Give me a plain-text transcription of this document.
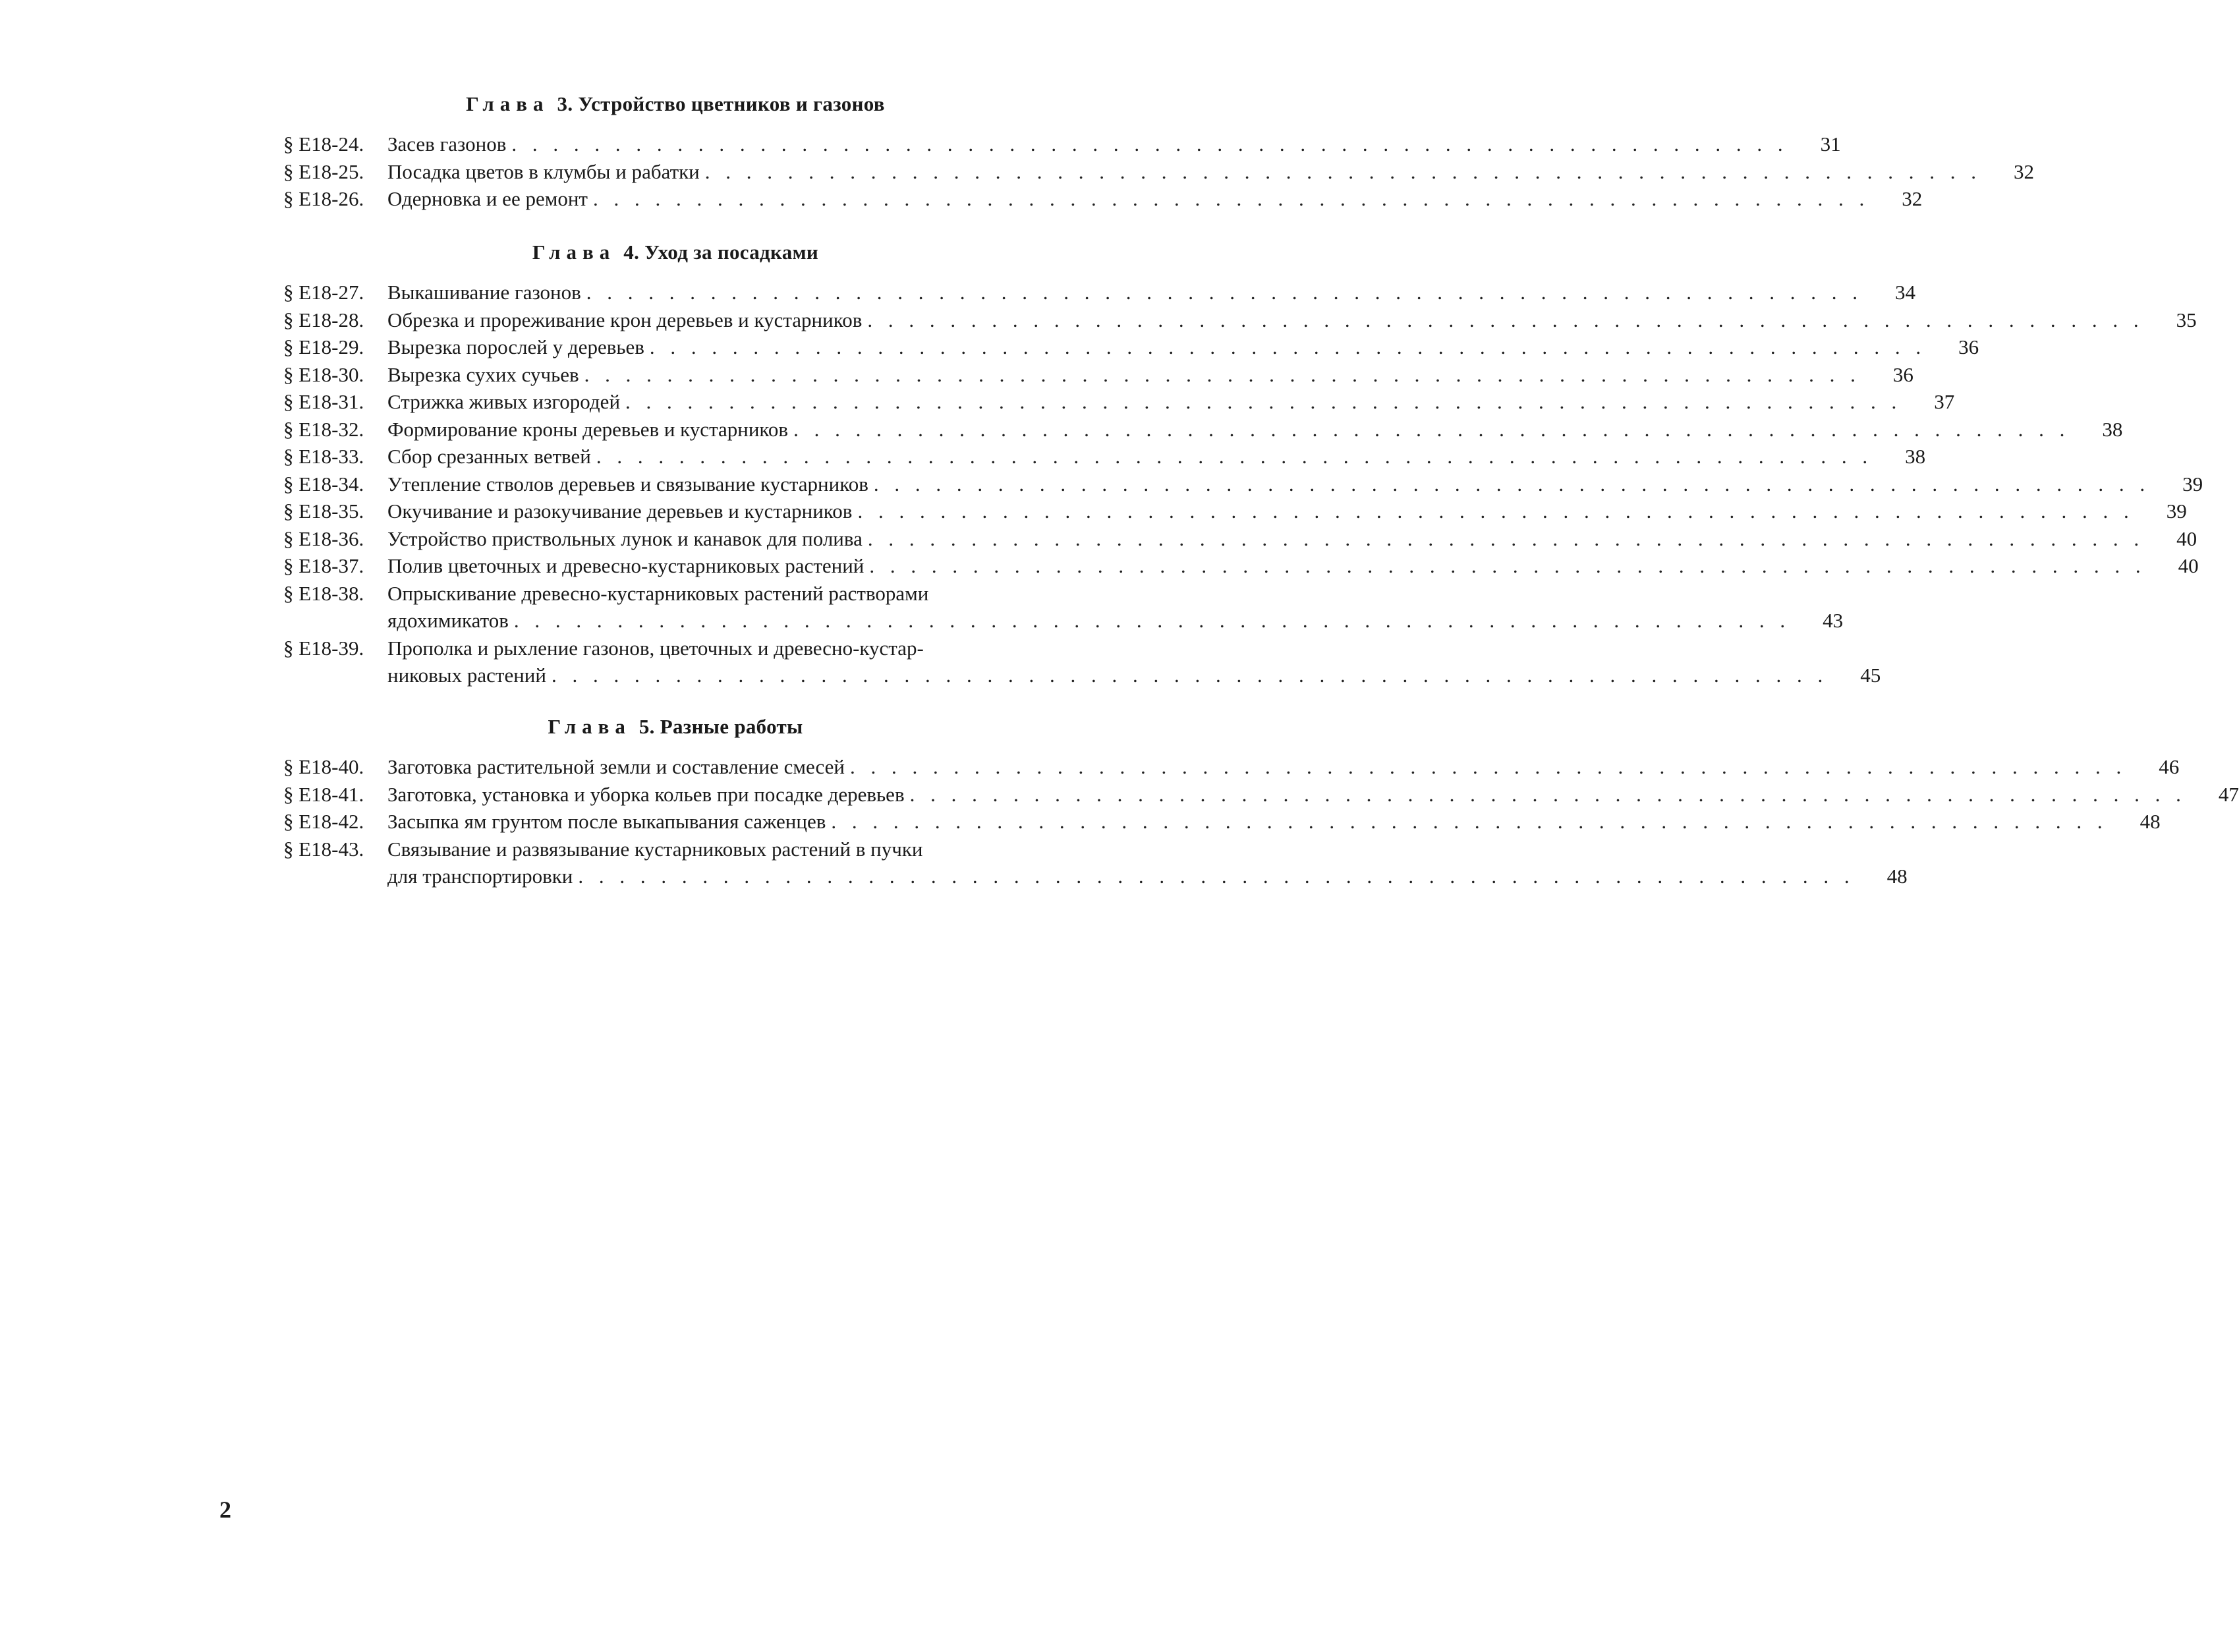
Глава 3. Устройство цветников и газонов
§ Е18-24.	Засев газонов . . . . . . . . . . . . . . . . . . . . . . . . . . . . . . . . . . . . . . . . . . . . . . . . . . . . . . . . . . . . . .	31
§ Е18-25.	Посадка цветов в клумбы и рабатки . . . . . . . . . . . . . . . . . . . . . . . . . . . . . . . . . . . . . . . . . . . . . . . . . . . . . . . . . . . . . .	32
§ Е18-26.	Одерновка и ее ремонт . . . . . . . . . . . . . . . . . . . . . . . . . . . . . . . . . . . . . . . . . . . . . . . . . . . . . . . . . . . . . .	32
Глава 4. Уход за посадками
§ Е18-27.	Выкашивание газонов . . . . . . . . . . . . . . . . . . . . . . . . . . . . . . . . . . . . . . . . . . . . . . . . . . . . . . . . . . . . . .	34
§ Е18-28.	Обрезка и прореживание крон деревьев и кустарников . . . . . . . . . . . . . . . . . . . . . . . . . . . . . . . . . . . . . . . . . . . . . . . . . . . . . . . . . . . . . .	35
§ Е18-29.	Вырезка порослей у деревьев . . . . . . . . . . . . . . . . . . . . . . . . . . . . . . . . . . . . . . . . . . . . . . . . . . . . . . . . . . . . . .	36
§ Е18-30.	Вырезка сухих сучьев . . . . . . . . . . . . . . . . . . . . . . . . . . . . . . . . . . . . . . . . . . . . . . . . . . . . . . . . . . . . . .	36
§ Е18-31.	Стрижка живых изгородей . . . . . . . . . . . . . . . . . . . . . . . . . . . . . . . . . . . . . . . . . . . . . . . . . . . . . . . . . . . . . .	37
§ Е18-32.	Формирование кроны деревьев и кустарников . . . . . . . . . . . . . . . . . . . . . . . . . . . . . . . . . . . . . . . . . . . . . . . . . . . . . . . . . . . . . .	38
§ Е18-33.	Сбор срезанных ветвей . . . . . . . . . . . . . . . . . . . . . . . . . . . . . . . . . . . . . . . . . . . . . . . . . . . . . . . . . . . . . .	38
§ Е18-34.	Утепление стволов деревьев и связывание кустарников . . . . . . . . . . . . . . . . . . . . . . . . . . . . . . . . . . . . . . . . . . . . . . . . . . . . . . . . . . . . . .	39
§ Е18-35.	Окучивание и разокучивание деревьев и кустарников . . . . . . . . . . . . . . . . . . . . . . . . . . . . . . . . . . . . . . . . . . . . . . . . . . . . . . . . . . . . . .	39
§ Е18-36.	Устройство приствольных лунок и канавок для полива . . . . . . . . . . . . . . . . . . . . . . . . . . . . . . . . . . . . . . . . . . . . . . . . . . . . . . . . . . . . . .	40
§ Е18-37.	Полив цветочных и древесно-кустарниковых растений . . . . . . . . . . . . . . . . . . . . . . . . . . . . . . . . . . . . . . . . . . . . . . . . . . . . . . . . . . . . . .	40
§ Е18-38.	Опрыскивание древесно-кустарниковых растений растворами
ядохимикатов . . . . . . . . . . . . . . . . . . . . . . . . . . . . . . . . . . . . . . . . . . . . . . . . . . . . . . . . . . . . . .	43
§ Е18-39.	Прополка и рыхление газонов, цветочных и древесно-кустар-
никовых растений . . . . . . . . . . . . . . . . . . . . . . . . . . . . . . . . . . . . . . . . . . . . . . . . . . . . . . . . . . . . . .	45
Глава 5. Разные работы
§ Е18-40.	Заготовка растительной земли и составление смесей . . . . . . . . . . . . . . . . . . . . . . . . . . . . . . . . . . . . . . . . . . . . . . . . . . . . . . . . . . . . . .	46
§ Е18-41.	Заготовка, установка и уборка кольев при посадке деревьев . . . . . . . . . . . . . . . . . . . . . . . . . . . . . . . . . . . . . . . . . . . . . . . . . . . . . . . . . . . . . .	47
§ Е18-42.	Засыпка ям грунтом после выкапывания саженцев . . . . . . . . . . . . . . . . . . . . . . . . . . . . . . . . . . . . . . . . . . . . . . . . . . . . . . . . . . . . . .	48
§ Е18-43.	Связывание и развязывание кустарниковых растений в пучки
для транспортировки . . . . . . . . . . . . . . . . . . . . . . . . . . . . . . . . . . . . . . . . . . . . . . . . . . . . . . . . . . . . . .	48
2
